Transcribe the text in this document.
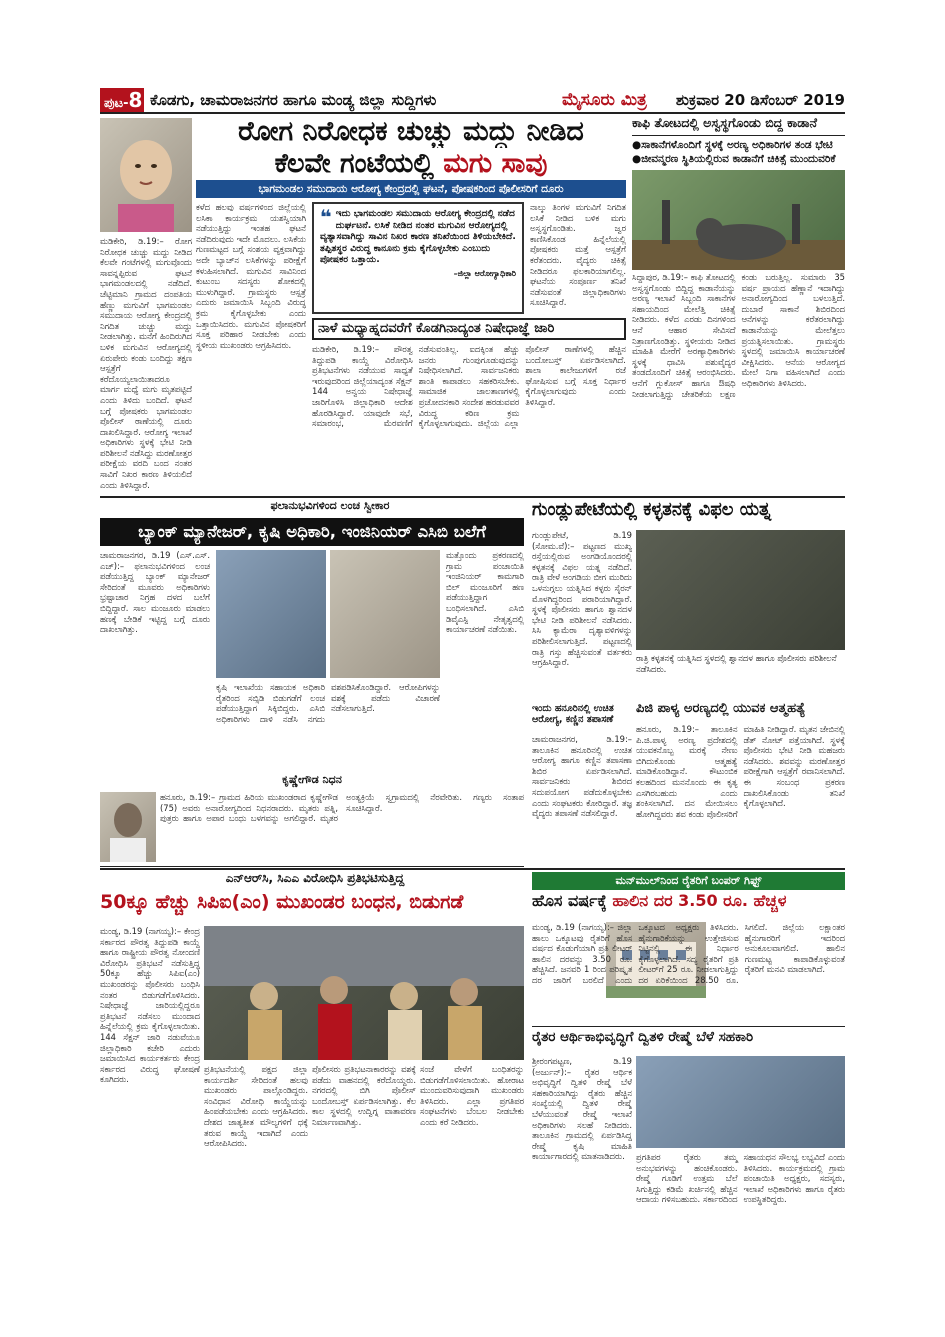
ಪುಟ-8 ಕೊಡಗು, ಚಾಮರಾಜನಗರ ಹಾಗೂ ಮಂಡ್ಯ ಜಿಲ್ಲಾ ಸುದ್ದಿಗಳು	ಮೈಸೂರು ಮಿತ್ರ ಶುಕ್ರವಾರ 20 ಡಿಸೆಂಬರ್ 2019
ರೋಗ ನಿರೋಧಕ ಚುಚ್ಚು ಮದ್ದು ನೀಡಿದ
ಕೆಲವೇ ಗಂಟೆಯಲ್ಲಿ ಮಗು ಸಾವು
ಭಾಗಮಂಡಲ ಸಮುದಾಯ ಆರೋಗ್ಯ ಕೇಂದ್ರದಲ್ಲಿ ಘಟನೆ, ಪೋಷಕರಿಂದ ಪೊಲೀಸರಿಗೆ ದೂರು
ಮಡಿಕೇರಿ, ಡಿ.19:– ರೋಗ ನಿರೋಧಕ ಚುಚ್ಚು ಮದ್ದು ನೀಡಿದ ಕೆಲವೇ ಗಂಟೆಗಳಲ್ಲಿ ಮಗುವೊಂದು ಸಾವನ್ನಪ್ಪಿರುವ ಘಟನೆ ಭಾಗಮಂಡಲದಲ್ಲಿ ನಡೆದಿದೆ. ಚೆಟ್ಟಿಮಾನಿ ಗ್ರಾಮದ ದಂಪತಿಯ ಹೆಣ್ಣು ಮಗುವಿಗೆ ಭಾಗಮಂಡಲ ಸಮುದಾಯ ಆರೋಗ್ಯ ಕೇಂದ್ರದಲ್ಲಿ ನಿಗದಿತ ಚುಚ್ಚು ಮದ್ದು ನೀಡಲಾಗಿತ್ತು. ಮನೆಗೆ ಹಿಂದಿರುಗಿದ ಬಳಿಕ ಮಗುವಿನ ಆರೋಗ್ಯದಲ್ಲಿ ಏರುಪೇರು ಕಂಡು ಬಂದಿದ್ದು ತಕ್ಷಣ ಆಸ್ಪತ್ರೆಗೆ ಕರೆದೊಯ್ಯಲಾಯಿತಾದರೂ ಮಾರ್ಗ ಮಧ್ಯೆ ಮಗು ಮೃತಪಟ್ಟಿದೆ ಎಂದು ತಿಳಿದು ಬಂದಿದೆ. ಘಟನೆ ಬಗ್ಗೆ ಪೋಷಕರು ಭಾಗಮಂಡಲ ಪೊಲೀಸ್ ಠಾಣೆಯಲ್ಲಿ ದೂರು ದಾಖಲಿಸಿದ್ದಾರೆ. ಆರೋಗ್ಯ ಇಲಾಖೆ ಅಧಿಕಾರಿಗಳು ಸ್ಥಳಕ್ಕೆ ಭೇಟಿ ನೀಡಿ ಪರಿಶೀಲನೆ ನಡೆಸಿದ್ದು ಮರಣೋತ್ತರ ಪರೀಕ್ಷೆಯ ವರದಿ ಬಂದ ನಂತರ ಸಾವಿಗೆ ನಿಖರ ಕಾರಣ ತಿಳಿಯಲಿದೆ ಎಂದು ತಿಳಿಸಿದ್ದಾರೆ.
ಕಳೆದ ಹಲವು ವರ್ಷಗಳಿಂದ ಜಿಲ್ಲೆಯಲ್ಲಿ ಲಸಿಕಾ ಕಾರ್ಯಕ್ರಮ ಯಶಸ್ವಿಯಾಗಿ ನಡೆಯುತ್ತಿದ್ದು ಇಂತಹ ಘಟನೆ ನಡೆದಿರುವುದು ಇದೇ ಮೊದಲು. ಲಸಿಕೆಯ ಗುಣಮಟ್ಟದ ಬಗ್ಗೆ ಸಂಶಯ ವ್ಯಕ್ತವಾಗಿದ್ದು ಅದೇ ಬ್ಯಾಚ್‌ನ ಲಸಿಕೆಗಳನ್ನು ಪರೀಕ್ಷೆಗೆ ಕಳುಹಿಸಲಾಗಿದೆ. ಮಗುವಿನ ಸಾವಿನಿಂದ ಕುಟುಂಬ ಸದಸ್ಯರು ಶೋಕದಲ್ಲಿ ಮುಳುಗಿದ್ದಾರೆ. ಗ್ರಾಮಸ್ಥರು ಆಸ್ಪತ್ರೆ ಎದುರು ಜಮಾಯಿಸಿ ಸಿಬ್ಬಂದಿ ವಿರುದ್ಧ ಕ್ರಮ ಕೈಗೊಳ್ಳಬೇಕು ಎಂದು ಒತ್ತಾಯಿಸಿದರು. ಮಗುವಿನ ಪೋಷಕರಿಗೆ ಸೂಕ್ತ ಪರಿಹಾರ ನೀಡಬೇಕು ಎಂದು ಸ್ಥಳೀಯ ಮುಖಂಡರು ಆಗ್ರಹಿಸಿದರು.
❝ ಇದು ಭಾಗಮಂಡಲ ಸಮುದಾಯ ಆರೋಗ್ಯ ಕೇಂದ್ರದಲ್ಲಿ ನಡೆದ ದುರ್ಘಟನೆ. ಲಸಿಕೆ ನೀಡಿದ ನಂತರ ಮಗುವಿನ ಆರೋಗ್ಯದಲ್ಲಿ ವ್ಯತ್ಯಾಸವಾಗಿದ್ದು ಸಾವಿನ ನಿಖರ ಕಾರಣ ತನಿಖೆಯಿಂದ ತಿಳಿಯಬೇಕಿದೆ. ತಪ್ಪಿತಸ್ಥರ ವಿರುದ್ಧ ಕಾನೂನು ಕ್ರಮ ಕೈಗೊಳ್ಳಬೇಕು ಎಂಬುದು ಪೋಷಕರ ಒತ್ತಾಯ.
–ಜಿಲ್ಲಾ ಆರೋಗ್ಯಾಧಿಕಾರಿ
ನಾಲ್ಕು ತಿಂಗಳ ಮಗುವಿಗೆ ನಿಗದಿತ ಲಸಿಕೆ ನೀಡಿದ ಬಳಿಕ ಮಗು ಅಸ್ವಸ್ಥಗೊಂಡಿತು. ಜ್ವರ ಕಾಣಿಸಿಕೊಂಡ ಹಿನ್ನೆಲೆಯಲ್ಲಿ ಪೋಷಕರು ಮತ್ತೆ ಆಸ್ಪತ್ರೆಗೆ ಕರೆತಂದರು. ವೈದ್ಯರು ಚಿಕಿತ್ಸೆ ನೀಡಿದರೂ ಫಲಕಾರಿಯಾಗಲಿಲ್ಲ. ಘಟನೆಯ ಸಂಪೂರ್ಣ ತನಿಖೆ ನಡೆಸುವಂತೆ ಜಿಲ್ಲಾಧಿಕಾರಿಗಳು ಸೂಚಿಸಿದ್ದಾರೆ.
ನಾಳೆ ಮಧ್ಯಾಹ್ನದವರೆಗೆ ಕೊಡಗಿನಾದ್ಯಂತ ನಿಷೇಧಾಜ್ಞೆ ಜಾರಿ
ಮಡಿಕೇರಿ, ಡಿ.19:– ಪೌರತ್ವ ತಿದ್ದುಪಡಿ ಕಾಯ್ದೆ ವಿರೋಧಿಸಿ ಪ್ರತಿಭಟನೆಗಳು ನಡೆಯುವ ಸಾಧ್ಯತೆ ಇರುವುದರಿಂದ ಜಿಲ್ಲೆಯಾದ್ಯಂತ ಸೆಕ್ಷನ್ 144 ಅನ್ವಯ ನಿಷೇಧಾಜ್ಞೆ ಜಾರಿಗೊಳಿಸಿ ಜಿಲ್ಲಾಧಿಕಾರಿ ಆದೇಶ ಹೊರಡಿಸಿದ್ದಾರೆ. ಯಾವುದೇ ಸಭೆ, ಸಮಾರಂಭ, ಮೆರವಣಿಗೆ ನಡೆಸುವಂತಿಲ್ಲ. ಐದಕ್ಕಿಂತ ಹೆಚ್ಚು ಜನರು ಗುಂಪುಗೂಡುವುದನ್ನು ನಿಷೇಧಿಸಲಾಗಿದೆ. ಸಾರ್ವಜನಿಕರು ಶಾಂತಿ ಕಾಪಾಡಲು ಸಹಕರಿಸಬೇಕು. ಸಾಮಾಜಿಕ ಜಾಲತಾಣಗಳಲ್ಲಿ ಪ್ರಚೋದನಕಾರಿ ಸಂದೇಶ ಹರಡುವವರ ವಿರುದ್ಧ ಕಠಿಣ ಕ್ರಮ ಕೈಗೊಳ್ಳಲಾಗುವುದು. ಜಿಲ್ಲೆಯ ಎಲ್ಲಾ ಪೊಲೀಸ್ ಠಾಣೆಗಳಲ್ಲಿ ಹೆಚ್ಚಿನ ಬಂದೋಬಸ್ತ್ ಏರ್ಪಡಿಸಲಾಗಿದೆ. ಶಾಲಾ ಕಾಲೇಜುಗಳಿಗೆ ರಜೆ ಘೋಷಿಸುವ ಬಗ್ಗೆ ಸೂಕ್ತ ನಿರ್ಧಾರ ಕೈಗೊಳ್ಳಲಾಗುವುದು ಎಂದು ತಿಳಿಸಿದ್ದಾರೆ.
ಕಾಫಿ ತೋಟದಲ್ಲಿ ಅಸ್ವಸ್ಥಗೊಂಡು ಬಿದ್ದ ಕಾಡಾನೆ
●ಸಾಕಾನೆಗಳೊಂದಿಗೆ ಸ್ಥಳಕ್ಕೆ ಅರಣ್ಯ ಅಧಿಕಾರಿಗಳ ತಂಡ ಭೇಟಿ
●ಜೀವನ್ಮರಣ ಸ್ಥಿತಿಯಲ್ಲಿರುವ ಕಾಡಾನೆಗೆ ಚಿಕಿತ್ಸೆ ಮುಂದುವರಿಕೆ
ಸಿದ್ದಾಪುರ, ಡಿ.19:– ಕಾಫಿ ತೋಟದಲ್ಲಿ ಅಸ್ವಸ್ಥಗೊಂಡು ಬಿದ್ದಿದ್ದ ಕಾಡಾನೆಯನ್ನು ಅರಣ್ಯ ಇಲಾಖೆ ಸಿಬ್ಬಂದಿ ಸಾಕಾನೆಗಳ ಸಹಾಯದಿಂದ ಮೇಲೆತ್ತಿ ಚಿಕಿತ್ಸೆ ನೀಡಿದರು. ಕಳೆದ ಎರಡು ದಿನಗಳಿಂದ ಆನೆ ಆಹಾರ ಸೇವಿಸದೆ ನಿತ್ರಾಣಗೊಂಡಿತ್ತು. ಸ್ಥಳೀಯರು ನೀಡಿದ ಮಾಹಿತಿ ಮೇರೆಗೆ ಅರಣ್ಯಾಧಿಕಾರಿಗಳು ಸ್ಥಳಕ್ಕೆ ಧಾವಿಸಿ ಪಶುವೈದ್ಯರ ತಂಡದೊಂದಿಗೆ ಚಿಕಿತ್ಸೆ ಆರಂಭಿಸಿದರು. ಆನೆಗೆ ಗ್ಲುಕೋಸ್ ಹಾಗೂ ಔಷಧಿ ನೀಡಲಾಗುತ್ತಿದ್ದು ಚೇತರಿಕೆಯ ಲಕ್ಷಣ ಕಂಡು ಬರುತ್ತಿಲ್ಲ. ಸುಮಾರು 35 ವರ್ಷ ಪ್ರಾಯದ ಹೆಣ್ಣಾನೆ ಇದಾಗಿದ್ದು ಅನಾರೋಗ್ಯದಿಂದ ಬಳಲುತ್ತಿದೆ. ದುಬಾರೆ ಸಾಕಾನೆ ಶಿಬಿರದಿಂದ ಆನೆಗಳನ್ನು ಕರೆತರಲಾಗಿದ್ದು ಕಾಡಾನೆಯನ್ನು ಮೇಲೆತ್ತಲು ಪ್ರಯತ್ನಿಸಲಾಯಿತು. ಗ್ರಾಮಸ್ಥರು ಸ್ಥಳದಲ್ಲಿ ಜಮಾಯಿಸಿ ಕಾರ್ಯಾಚರಣೆ ವೀಕ್ಷಿಸಿದರು. ಆನೆಯ ಆರೋಗ್ಯದ ಮೇಲೆ ನಿಗಾ ವಹಿಸಲಾಗಿದೆ ಎಂದು ಅಧಿಕಾರಿಗಳು ತಿಳಿಸಿದರು.
ಫಲಾನುಭವಿಗಳಿಂದ ಲಂಚ ಸ್ವೀಕಾರ
ಬ್ಯಾಂಕ್ ಮ್ಯಾನೇಜರ್, ಕೃಷಿ ಅಧಿಕಾರಿ, ಇಂಜಿನಿಯರ್ ಎಸಿಬಿ ಬಲೆಗೆ
ಚಾಮರಾಜನಗರ, ಡಿ.19 (ಎಸ್.ಎಸ್. ಎಚ್):– ಫಲಾನುಭವಿಗಳಿಂದ ಲಂಚ ಪಡೆಯುತ್ತಿದ್ದ ಬ್ಯಾಂಕ್ ಮ್ಯಾನೇಜರ್ ಸೇರಿದಂತೆ ಮೂವರು ಅಧಿಕಾರಿಗಳು ಭ್ರಷ್ಟಾಚಾರ ನಿಗ್ರಹ ದಳದ ಬಲೆಗೆ ಬಿದ್ದಿದ್ದಾರೆ. ಸಾಲ ಮಂಜೂರು ಮಾಡಲು ಹಣಕ್ಕೆ ಬೇಡಿಕೆ ಇಟ್ಟಿದ್ದ ಬಗ್ಗೆ ದೂರು ದಾಖಲಾಗಿತ್ತು.
ಕೃಷಿ ಇಲಾಖೆಯ ಸಹಾಯಕ ಅಧಿಕಾರಿ ರೈತರಿಂದ ಸಬ್ಸಿಡಿ ಬಿಡುಗಡೆಗೆ ಲಂಚ ಪಡೆಯುತ್ತಿದ್ದಾಗ ಸಿಕ್ಕಿಬಿದ್ದರು. ಎಸಿಬಿ ಅಧಿಕಾರಿಗಳು ದಾಳಿ ನಡೆಸಿ ನಗದು ವಶಪಡಿಸಿಕೊಂಡಿದ್ದಾರೆ. ಆರೋಪಿಗಳನ್ನು ವಶಕ್ಕೆ ಪಡೆದು ವಿಚಾರಣೆ ನಡೆಸಲಾಗುತ್ತಿದೆ.
ಮತ್ತೊಂದು ಪ್ರಕರಣದಲ್ಲಿ ಗ್ರಾಮ ಪಂಚಾಯಿತಿ ಇಂಜಿನಿಯರ್ ಕಾಮಗಾರಿ ಬಿಲ್ ಮಂಜೂರಿಗೆ ಹಣ ಪಡೆಯುತ್ತಿದ್ದಾಗ ಬಂಧಿಸಲಾಗಿದೆ. ಎಸಿಬಿ ಡಿವೈಎಸ್ಪಿ ನೇತೃತ್ವದಲ್ಲಿ ಕಾರ್ಯಾಚರಣೆ ನಡೆಯಿತು.
ಗುಂಡ್ಲುಪೇಟೆಯಲ್ಲಿ ಕಳ್ಳತನಕ್ಕೆ ವಿಫಲ ಯತ್ನ
ಗುಂಡ್ಲುಪೇಟೆ, ಡಿ.19 (ಸೋಮ.ವೆ):– ಪಟ್ಟಣದ ಮುಖ್ಯ ರಸ್ತೆಯಲ್ಲಿರುವ ಅಂಗಡಿಯೊಂದರಲ್ಲಿ ಕಳ್ಳತನಕ್ಕೆ ವಿಫಲ ಯತ್ನ ನಡೆದಿದೆ. ರಾತ್ರಿ ವೇಳೆ ಅಂಗಡಿಯ ಬೀಗ ಮುರಿದು ಒಳನುಗ್ಗಲು ಯತ್ನಿಸಿದ ಕಳ್ಳರು ಸೈರನ್ ಮೊಳಗಿದ್ದರಿಂದ ಪರಾರಿಯಾಗಿದ್ದಾರೆ. ಸ್ಥಳಕ್ಕೆ ಪೊಲೀಸರು ಹಾಗೂ ಶ್ವಾನದಳ ಭೇಟಿ ನೀಡಿ ಪರಿಶೀಲನೆ ನಡೆಸಿದರು. ಸಿಸಿ ಕ್ಯಾಮೆರಾ ದೃಶ್ಯಾವಳಿಗಳನ್ನು ಪರಿಶೀಲಿಸಲಾಗುತ್ತಿದೆ. ಪಟ್ಟಣದಲ್ಲಿ ರಾತ್ರಿ ಗಸ್ತು ಹೆಚ್ಚಿಸುವಂತೆ ವರ್ತಕರು ಆಗ್ರಹಿಸಿದ್ದಾರೆ.	ರಾತ್ರಿ ಕಳ್ಳತನಕ್ಕೆ ಯತ್ನಿಸಿದ ಸ್ಥಳದಲ್ಲಿ ಶ್ವಾನದಳ ಹಾಗೂ ಪೊಲೀಸರು ಪರಿಶೀಲನೆ ನಡೆಸಿದರು.
ಇಂದು ಹನೂರಿನಲ್ಲಿ ಉಚಿತ ಆರೋಗ್ಯ, ಕಣ್ಣಿನ ತಪಾಸಣೆ
ಚಾಮರಾಜನಗರ, ಡಿ.19:– ತಾಲೂಕಿನ ಹನೂರಿನಲ್ಲಿ ಉಚಿತ ಆರೋಗ್ಯ ಹಾಗೂ ಕಣ್ಣಿನ ತಪಾಸಣಾ ಶಿಬಿರ ಏರ್ಪಡಿಸಲಾಗಿದೆ. ಸಾರ್ವಜನಿಕರು ಶಿಬಿರದ ಸದುಪಯೋಗ ಪಡೆದುಕೊಳ್ಳಬೇಕು ಎಂದು ಸಂಘಟಕರು ಕೋರಿದ್ದಾರೆ. ತಜ್ಞ ವೈದ್ಯರು ತಪಾಸಣೆ ನಡೆಸಲಿದ್ದಾರೆ.
ಪಿಜಿ ಪಾಳ್ಯ ಅರಣ್ಯದಲ್ಲಿ ಯುವಕ ಆತ್ಮಹತ್ಯೆ
ಹನೂರು, ಡಿ.19:– ತಾಲೂಕಿನ ಪಿ.ಜಿ.ಪಾಳ್ಯ ಅರಣ್ಯ ಪ್ರದೇಶದಲ್ಲಿ ಯುವಕನೊಬ್ಬ ಮರಕ್ಕೆ ನೇಣು ಬಿಗಿದುಕೊಂಡು ಆತ್ಮಹತ್ಯೆ ಮಾಡಿಕೊಂಡಿದ್ದಾನೆ. ಕೌಟುಂಬಿಕ ಕಲಹದಿಂದ ಮನನೊಂದು ಈ ಕೃತ್ಯ ಎಸಗಿರಬಹುದು ಎಂದು ಶಂಕಿಸಲಾಗಿದೆ. ದನ ಮೇಯಿಸಲು ಹೋಗಿದ್ದವರು ಶವ ಕಂಡು ಪೊಲೀಸರಿಗೆ ಮಾಹಿತಿ ನೀಡಿದ್ದಾರೆ. ಮೃತನ ಜೇಬಿನಲ್ಲಿ ಡೆತ್ ನೋಟ್ ಪತ್ತೆಯಾಗಿದೆ. ಸ್ಥಳಕ್ಕೆ ಪೊಲೀಸರು ಭೇಟಿ ನೀಡಿ ಮಹಜರು ನಡೆಸಿದರು. ಶವವನ್ನು ಮರಣೋತ್ತರ ಪರೀಕ್ಷೆಗಾಗಿ ಆಸ್ಪತ್ರೆಗೆ ರವಾನಿಸಲಾಗಿದೆ. ಈ ಸಂಬಂಧ ಪ್ರಕರಣ ದಾಖಲಿಸಿಕೊಂಡು ತನಿಖೆ ಕೈಗೊಳ್ಳಲಾಗಿದೆ.
ಕೃಷ್ಣೇಗೌಡ ನಿಧನ
ಹನೂರು, ಡಿ.19:– ಗ್ರಾಮದ ಹಿರಿಯ ಮುಖಂಡರಾದ ಕೃಷ್ಣೇಗೌಡ (75) ಅವರು ಅನಾರೋಗ್ಯದಿಂದ ನಿಧನರಾದರು. ಮೃತರು ಪತ್ನಿ, ಪುತ್ರರು ಹಾಗೂ ಅಪಾರ ಬಂಧು ಬಳಗವನ್ನು ಅಗಲಿದ್ದಾರೆ. ಮೃತರ ಅಂತ್ಯಕ್ರಿಯೆ ಸ್ವಗ್ರಾಮದಲ್ಲಿ ನೆರವೇರಿತು. ಗಣ್ಯರು ಸಂತಾಪ ಸೂಚಿಸಿದ್ದಾರೆ.
ಎನ್‌ಆರ್‌ಸಿ, ಸಿಎಎ ವಿರೋಧಿಸಿ ಪ್ರತಿಭಟಿಸುತ್ತಿದ್ದ
50ಕ್ಕೂ ಹೆಚ್ಚು ಸಿಪಿಐ(ಎಂ) ಮುಖಂಡರ ಬಂಧನ, ಬಿಡುಗಡೆ
ಮಂಡ್ಯ, ಡಿ.19 (ನಾಗಯ್ಯ):– ಕೇಂದ್ರ ಸರ್ಕಾರದ ಪೌರತ್ವ ತಿದ್ದುಪಡಿ ಕಾಯ್ದೆ ಹಾಗೂ ರಾಷ್ಟ್ರೀಯ ಪೌರತ್ವ ನೋಂದಣಿ ವಿರೋಧಿಸಿ ಪ್ರತಿಭಟನೆ ನಡೆಸುತ್ತಿದ್ದ 50ಕ್ಕೂ ಹೆಚ್ಚು ಸಿಪಿಐ(ಎಂ) ಮುಖಂಡರನ್ನು ಪೊಲೀಸರು ಬಂಧಿಸಿ ನಂತರ ಬಿಡುಗಡೆಗೊಳಿಸಿದರು. ನಿಷೇಧಾಜ್ಞೆ ಜಾರಿಯಲ್ಲಿದ್ದರೂ ಪ್ರತಿಭಟನೆ ನಡೆಸಲು ಮುಂದಾದ ಹಿನ್ನೆಲೆಯಲ್ಲಿ ಕ್ರಮ ಕೈಗೊಳ್ಳಲಾಯಿತು. 144 ಸೆಕ್ಷನ್ ಜಾರಿ ನಡುವೆಯೂ ಜಿಲ್ಲಾಧಿಕಾರಿ ಕಚೇರಿ ಎದುರು ಜಮಾಯಿಸಿದ ಕಾರ್ಯಕರ್ತರು ಕೇಂದ್ರ ಸರ್ಕಾರದ ವಿರುದ್ಧ ಘೋಷಣೆ ಕೂಗಿದರು.
ಪ್ರತಿಭಟನೆಯಲ್ಲಿ ಪಕ್ಷದ ಜಿಲ್ಲಾ ಕಾರ್ಯದರ್ಶಿ ಸೇರಿದಂತೆ ಹಲವು ಮುಖಂಡರು ಪಾಲ್ಗೊಂಡಿದ್ದರು. ಸಂವಿಧಾನ ವಿರೋಧಿ ಕಾಯ್ದೆಯನ್ನು ಹಿಂಪಡೆಯಬೇಕು ಎಂದು ಆಗ್ರಹಿಸಿದರು. ದೇಶದ ಜಾತ್ಯತೀತ ಮೌಲ್ಯಗಳಿಗೆ ಧಕ್ಕೆ ತರುವ ಕಾಯ್ದೆ ಇದಾಗಿದೆ ಎಂದು ಆರೋಪಿಸಿದರು.
ಪೊಲೀಸರು ಪ್ರತಿಭಟನಾಕಾರರನ್ನು ವಶಕ್ಕೆ ಪಡೆದು ವಾಹನದಲ್ಲಿ ಕರೆದೊಯ್ದರು. ನಗರದಲ್ಲಿ ಬಿಗಿ ಪೊಲೀಸ್ ಬಂದೋಬಸ್ತ್ ಏರ್ಪಡಿಸಲಾಗಿತ್ತು. ಕೆಲ ಕಾಲ ಸ್ಥಳದಲ್ಲಿ ಉದ್ವಿಗ್ನ ವಾತಾವರಣ ನಿರ್ಮಾಣವಾಗಿತ್ತು.
ಸಂಜೆ ವೇಳೆಗೆ ಬಂಧಿತರನ್ನು ಬಿಡುಗಡೆಗೊಳಿಸಲಾಯಿತು. ಹೋರಾಟ ಮುಂದುವರಿಸುವುದಾಗಿ ಮುಖಂಡರು ತಿಳಿಸಿದರು. ಎಲ್ಲಾ ಪ್ರಗತಿಪರ ಸಂಘಟನೆಗಳು ಬೆಂಬಲ ನೀಡಬೇಕು ಎಂದು ಕರೆ ನೀಡಿದರು.
ಮನ್‌ಮುಲ್‌ನಿಂದ ರೈತರಿಗೆ ಬಂಪರ್ ಗಿಫ್ಟ್
ಹೊಸ ವರ್ಷಕ್ಕೆ ಹಾಲಿನ ದರ 3.50 ರೂ. ಹೆಚ್ಚಳ
ಮಂಡ್ಯ, ಡಿ.19 (ನಾಗಯ್ಯ):– ಜಿಲ್ಲಾ ಹಾಲು ಒಕ್ಕೂಟವು ರೈತರಿಗೆ ಹೊಸ ವರ್ಷದ ಕೊಡುಗೆಯಾಗಿ ಪ್ರತಿ ಲೀಟರ್ ಹಾಲಿನ ದರವನ್ನು 3.50 ರೂ. ಹೆಚ್ಚಿಸಿದೆ. ಜನವರಿ 1 ರಿಂದ ಪರಿಷ್ಕೃತ ದರ ಜಾರಿಗೆ ಬರಲಿದೆ ಎಂದು ಒಕ್ಕೂಟದ ಅಧ್ಯಕ್ಷರು ತಿಳಿಸಿದರು. ಹೈನುಗಾರಿಕೆಯನ್ನು ಉತ್ತೇಜಿಸುವ ನಿಟ್ಟಿನಲ್ಲಿ ಈ ನಿರ್ಧಾರ ಕೈಗೊಳ್ಳಲಾಗಿದೆ. ಸದ್ಯ ರೈತರಿಗೆ ಪ್ರತಿ ಲೀಟರ್‌ಗೆ 25 ರೂ. ನೀಡಲಾಗುತ್ತಿದ್ದು ದರ ಏರಿಕೆಯಿಂದ 28.50 ರೂ. ಸಿಗಲಿದೆ. ಜಿಲ್ಲೆಯ ಲಕ್ಷಾಂತರ ಹೈನುಗಾರರಿಗೆ ಇದರಿಂದ ಅನುಕೂಲವಾಗಲಿದೆ. ಹಾಲಿನ ಗುಣಮಟ್ಟ ಕಾಪಾಡಿಕೊಳ್ಳುವಂತೆ ರೈತರಿಗೆ ಮನವಿ ಮಾಡಲಾಗಿದೆ.
ರೈತರ ಆರ್ಥಿಕಾಭಿವೃದ್ಧಿಗೆ ದ್ವಿತಳಿ ರೇಷ್ಮೆ ಬೆಳೆ ಸಹಕಾರಿ
ಶ್ರೀರಂಗಪಟ್ಟಣ, ಡಿ.19 (ಅರ್ಜುನ್):– ರೈತರ ಆರ್ಥಿಕ ಅಭಿವೃದ್ಧಿಗೆ ದ್ವಿತಳಿ ರೇಷ್ಮೆ ಬೆಳೆ ಸಹಕಾರಿಯಾಗಿದ್ದು ರೈತರು ಹೆಚ್ಚಿನ ಸಂಖ್ಯೆಯಲ್ಲಿ ದ್ವಿತಳಿ ರೇಷ್ಮೆ ಬೆಳೆಯುವಂತೆ ರೇಷ್ಮೆ ಇಲಾಖೆ ಅಧಿಕಾರಿಗಳು ಸಲಹೆ ನೀಡಿದರು. ತಾಲೂಕಿನ ಗ್ರಾಮದಲ್ಲಿ ಏರ್ಪಡಿಸಿದ್ದ ರೇಷ್ಮೆ ಕೃಷಿ ಮಾಹಿತಿ ಕಾರ್ಯಾಗಾರದಲ್ಲಿ ಮಾತನಾಡಿದರು.	ಪ್ರಗತಿಪರ ರೈತರು ತಮ್ಮ ಅನುಭವಗಳನ್ನು ಹಂಚಿಕೊಂಡರು. ರೇಷ್ಮೆ ಗೂಡಿಗೆ ಉತ್ತಮ ಬೆಲೆ ಸಿಗುತ್ತಿದ್ದು ಕಡಿಮೆ ಖರ್ಚಿನಲ್ಲಿ ಹೆಚ್ಚಿನ ಆದಾಯ ಗಳಿಸಬಹುದು. ಸರ್ಕಾರದಿಂದ ಸಹಾಯಧನ ಸೌಲಭ್ಯ ಲಭ್ಯವಿದೆ ಎಂದು ತಿಳಿಸಿದರು. ಕಾರ್ಯಕ್ರಮದಲ್ಲಿ ಗ್ರಾಮ ಪಂಚಾಯಿತಿ ಅಧ್ಯಕ್ಷರು, ಸದಸ್ಯರು, ಇಲಾಖೆ ಅಧಿಕಾರಿಗಳು ಹಾಗೂ ರೈತರು ಉಪಸ್ಥಿತರಿದ್ದರು.
